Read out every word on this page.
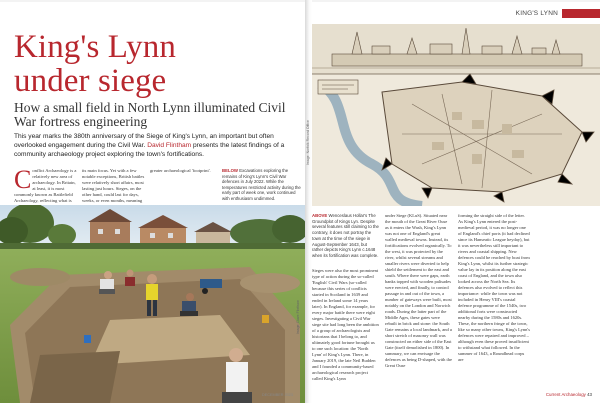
KING'S LYNN
King's Lynn
under siege
How a small field in North Lynn illuminated Civil War fortress engineering

This year marks the 380th anniversary of the Siege of King's Lynn, an important but often overlooked engagement during the Civil War. David Flintham presents the latest findings of a community archaeology project exploring the town's fortifications.

C onflict Archaeology is a relatively new area of archaeology. In Britain, at least, it is most commonly known as Battlefield Archaeology, reflecting what is
its main focus. Yet with a few notable exceptions, British battles were relatively short affairs, most lasting just hours. Sieges, on the other hand, could last for days, weeks, or even months, meaning
greater archaeological 'footprint'.	BELOW Excavations exploring the remains of King's Lynn's Civil War defences in July 2022. While the temperatures restricted activity during the early part of week one, work continued with enthusiasm undimmed.
Image: Dave Flintham
DECEMBER 2023
Image: Norfolk Record Office
ABOVE Wenceslaus Hollar's The Groundplot of Kings Lyn. Despite several features still claiming to the contrary, it does not portray the town at the time of the siege in August-September 1643, but rather depicts King's Lynn c.1648 when its fortification was complete.
Sieges were also the most prominent type of action during the so-called 'English' Civil Wars (so-called because this series of conflicts started in Scotland in 1639 and ended in Ireland some 14 years later). In England, for example, for every major battle there were eight sieges. Investigating a Civil War siege site had long been the ambition of a group of archaeologists and historians that I belong to, and ultimately good fortune brought us to one such location: the 'North Lynn' of King's Lynn. There, in January 2019, the late Neil Budden and I founded a community-based archaeological research project called King's Lynn
under Siege (KLuS). Situated near the mouth of the Great River Ouse as it enters the Wash, King's Lynn was not one of England's great walled medieval towns. Instead, its fortifications evolved organically. To the west, it was protected by the river, whilst several streams and smaller rivers were diverted to help shield the settlement to the east and south. Where there were gaps, earth banks topped with wooden palisades were erected, and finally, to control passage in and out of the town, a number of gateways were built, most notably on the London and Norwich roads. During the latter part of the Middle Ages, these gates were rebuilt in brick and stone: the South Gate remains a local landmark, and a short stretch of masonry wall was constructed on either side of the East Gate (itself demolished in 1800). In summary, we can envisage the defences as being D-shaped, with the Great Ouse
forming the straight side of the letter. As King's Lynn entered the post-medieval period, it was no longer one of England's chief ports (it had declined since its Hanseatic League heyday), but it was nevertheless still important to rivers and coastal shipping. New defences could be reached by boat from King's Lynn, whilst its further strategic value lay in its position along the east coast of England, and the town also looked across the North Sea. Its defences also evolved to reflect this importance: while the town was not included in Henry VIII's coastal defence programme of the 1540s, two additional forts were constructed nearby during the 1580s and 1620s. These, the northern fringe of the town, like so many other towns, King's Lynn's defences were repaired and improved – although even these proved insufficient to withstand what followed. In the summer of 1643, a Roundhead corps are
Current Archaeology 43
